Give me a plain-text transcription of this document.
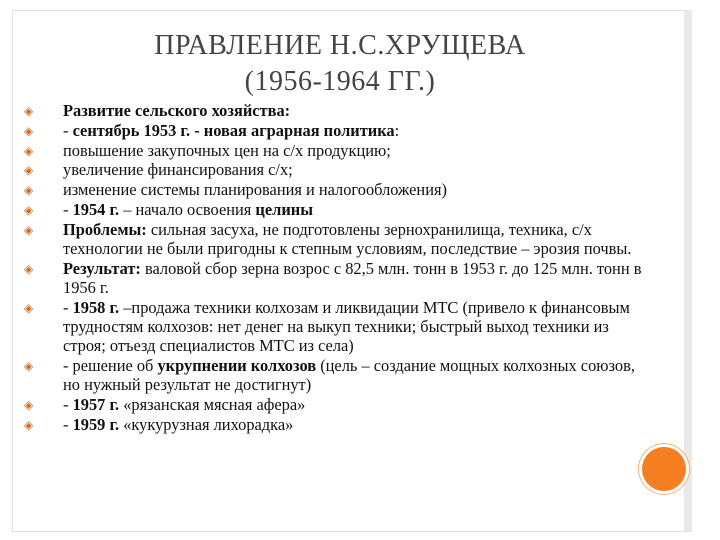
ПРАВЛЕНИЕ Н.С.ХРУЩЕВА
(1956-1964 ГГ.)
◈ Развитие сельского хозяйства:
◈ - сентябрь 1953 г. - новая аграрная политика:
◈ повышение закупочных цен на с/х продукцию;
◈ увеличение финансирования с/х;
◈ изменение системы планирования и налогообложения)
◈ - 1954 г. – начало освоения целины
◈ Проблемы: сильная засуха, не подготовлены зернохранилища, техника, с/х технологии не были пригодны к степным условиям, последствие – эрозия почвы.
◈ Результат: валовой сбор зерна возрос с 82,5 млн. тонн в 1953 г. до 125 млн. тонн в 1956 г.
◈ - 1958 г. –продажа техники колхозам и ликвидации МТС (привело к финансовым трудностям колхозов: нет денег на выкуп техники; быстрый выход техники из строя; отъезд специалистов МТС из села)
◈ - решение об укрупнении колхозов (цель – создание мощных колхозных союзов, но нужный результат не достигнут)
◈ - 1957 г. «рязанская мясная афера»
◈ - 1959 г. «кукурузная лихорадка»
